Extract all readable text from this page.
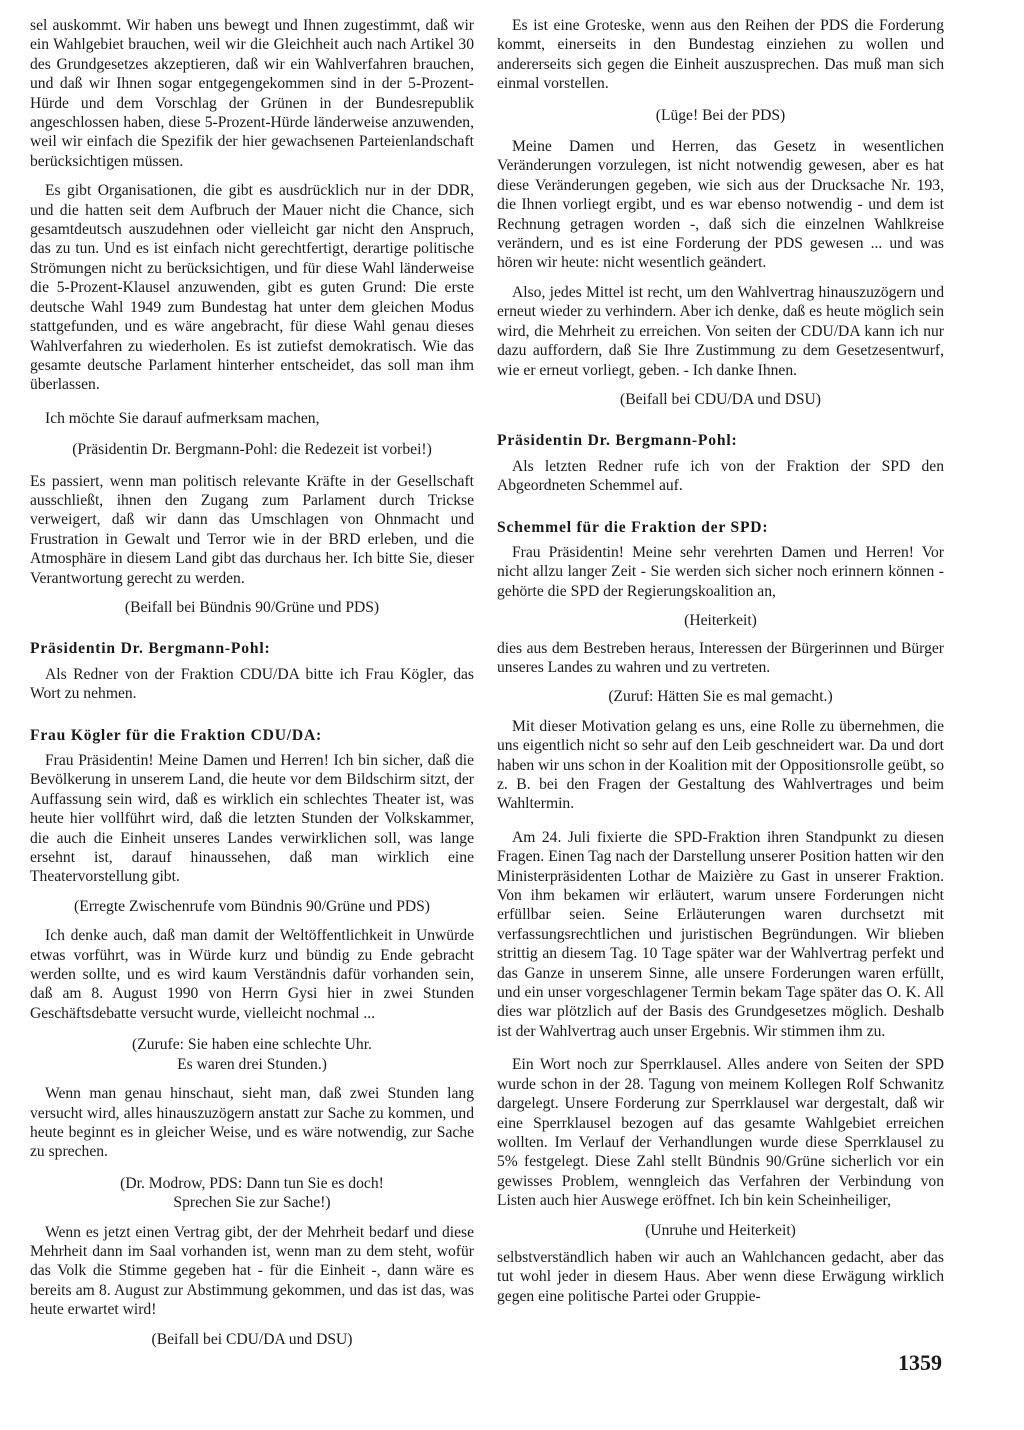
sel auskommt. Wir haben uns bewegt und Ihnen zugestimmt, daß wir ein Wahlgebiet brauchen, weil wir die Gleichheit auch nach Artikel 30 des Grundgesetzes akzeptieren, daß wir ein Wahlverfahren brauchen, und daß wir Ihnen sogar entgegengekommen sind in der 5-Prozent-Hürde und dem Vorschlag der Grünen in der Bundesrepublik angeschlossen haben, diese 5-Prozent-Hürde länderweise anzuwenden, weil wir einfach die Spezifik der hier gewachsenen Parteienlandschaft berücksichtigen müssen.

Es gibt Organisationen, die gibt es ausdrücklich nur in der DDR, und die hatten seit dem Aufbruch der Mauer nicht die Chance, sich gesamtdeutsch auszudehnen oder vielleicht gar nicht den Anspruch, das zu tun. Und es ist einfach nicht gerechtfertigt, derartige politische Strömungen nicht zu berücksichtigen, und für diese Wahl länderweise die 5-Prozent-Klausel anzuwenden, gibt es guten Grund: Die erste deutsche Wahl 1949 zum Bundestag hat unter dem gleichen Modus stattgefunden, und es wäre angebracht, für diese Wahl genau dieses Wahlverfahren zu wiederholen. Es ist zutiefst demokratisch. Wie das gesamte deutsche Parlament hinterher entscheidet, das soll man ihm überlassen.

Ich möchte Sie darauf aufmerksam machen,

(Präsidentin Dr. Bergmann-Pohl: die Redezeit ist vorbei!)

Es passiert, wenn man politisch relevante Kräfte in der Gesellschaft ausschließt, ihnen den Zugang zum Parlament durch Trickse verweigert, daß wir dann das Umschlagen von Ohnmacht und Frustration in Gewalt und Terror wie in der BRD erleben, und die Atmosphäre in diesem Land gibt das durchaus her. Ich bitte Sie, dieser Verantwortung gerecht zu werden.

(Beifall bei Bündnis 90/Grüne und PDS)

Präsidentin Dr. Bergmann-Pohl:

Als Redner von der Fraktion CDU/DA bitte ich Frau Kögler, das Wort zu nehmen.

Frau Kögler für die Fraktion CDU/DA:

Frau Präsidentin! Meine Damen und Herren! Ich bin sicher, daß die Bevölkerung in unserem Land, die heute vor dem Bildschirm sitzt, der Auffassung sein wird, daß es wirklich ein schlechtes Theater ist, was heute hier vollführt wird, daß die letzten Stunden der Volkskammer, die auch die Einheit unseres Landes verwirklichen soll, was lange ersehnt ist, darauf hinaussehen, daß man wirklich eine Theatervorstellung gibt.

(Erregte Zwischenrufe vom Bündnis 90/Grüne und PDS)

Ich denke auch, daß man damit der Weltöffentlichkeit in Unwürde etwas vorführt, was in Würde kurz und bündig zu Ende gebracht werden sollte, und es wird kaum Verständnis dafür vorhanden sein, daß am 8. August 1990 von Herrn Gysi hier in zwei Stunden Geschäftsdebatte versucht wurde, vielleicht nochmal ...

(Zurufe: Sie haben eine schlechte Uhr.

Es waren drei Stunden.)

Wenn man genau hinschaut, sieht man, daß zwei Stunden lang versucht wird, alles hinauszuzögern anstatt zur Sache zu kommen, und heute beginnt es in gleicher Weise, und es wäre notwendig, zur Sache zu sprechen.

(Dr. Modrow, PDS: Dann tun Sie es doch!

Sprechen Sie zur Sache!)

Wenn es jetzt einen Vertrag gibt, der der Mehrheit bedarf und diese Mehrheit dann im Saal vorhanden ist, wenn man zu dem steht, wofür das Volk die Stimme gegeben hat - für die Einheit -, dann wäre es bereits am 8. August zur Abstimmung gekommen, und das ist das, was heute erwartet wird!

(Beifall bei CDU/DA und DSU)

Es ist eine Groteske, wenn aus den Reihen der PDS die Forderung kommt, einerseits in den Bundestag einziehen zu wollen und andererseits sich gegen die Einheit auszusprechen. Das muß man sich einmal vorstellen.

(Lüge! Bei der PDS)

Meine Damen und Herren, das Gesetz in wesentlichen Veränderungen vorzulegen, ist nicht notwendig gewesen, aber es hat diese Veränderungen gegeben, wie sich aus der Drucksache Nr. 193, die Ihnen vorliegt ergibt, und es war ebenso notwendig - und dem ist Rechnung getragen worden -, daß sich die einzelnen Wahlkreise verändern, und es ist eine Forderung der PDS gewesen ... und was hören wir heute: nicht wesentlich geändert.

Also, jedes Mittel ist recht, um den Wahlvertrag hinauszuzögern und erneut wieder zu verhindern. Aber ich denke, daß es heute möglich sein wird, die Mehrheit zu erreichen. Von seiten der CDU/DA kann ich nur dazu auffordern, daß Sie Ihre Zustimmung zu dem Gesetzesentwurf, wie er erneut vorliegt, geben. - Ich danke Ihnen.

(Beifall bei CDU/DA und DSU)

Präsidentin Dr. Bergmann-Pohl:

Als letzten Redner rufe ich von der Fraktion der SPD den Abgeordneten Schemmel auf.

Schemmel für die Fraktion der SPD:

Frau Präsidentin! Meine sehr verehrten Damen und Herren! Vor nicht allzu langer Zeit - Sie werden sich sicher noch erinnern können - gehörte die SPD der Regierungskoalition an,

(Heiterkeit)

dies aus dem Bestreben heraus, Interessen der Bürgerinnen und Bürger unseres Landes zu wahren und zu vertreten.

(Zuruf: Hätten Sie es mal gemacht.)

Mit dieser Motivation gelang es uns, eine Rolle zu übernehmen, die uns eigentlich nicht so sehr auf den Leib geschneidert war. Da und dort haben wir uns schon in der Koalition mit der Oppositionsrolle geübt, so z. B. bei den Fragen der Gestaltung des Wahlvertrages und beim Wahltermin.

Am 24. Juli fixierte die SPD-Fraktion ihren Standpunkt zu diesen Fragen. Einen Tag nach der Darstellung unserer Position hatten wir den Ministerpräsidenten Lothar de Maizière zu Gast in unserer Fraktion. Von ihm bekamen wir erläutert, warum unsere Forderungen nicht erfüllbar seien. Seine Erläuterungen waren durchsetzt mit verfassungsrechtlichen und juristischen Begründungen. Wir blieben strittig an diesem Tag. 10 Tage später war der Wahlvertrag perfekt und das Ganze in unserem Sinne, alle unsere Forderungen waren erfüllt, und ein unser vorgeschlagener Termin bekam Tage später das O. K. All dies war plötzlich auf der Basis des Grundgesetzes möglich. Deshalb ist der Wahlvertrag auch unser Ergebnis. Wir stimmen ihm zu.

Ein Wort noch zur Sperrklausel. Alles andere von Seiten der SPD wurde schon in der 28. Tagung von meinem Kollegen Rolf Schwanitz dargelegt. Unsere Forderung zur Sperrklausel war dergestalt, daß wir eine Sperrklausel bezogen auf das gesamte Wahlgebiet erreichen wollten. Im Verlauf der Verhandlungen wurde diese Sperrklausel zu 5% festgelegt. Diese Zahl stellt Bündnis 90/Grüne sicherlich vor ein gewisses Problem, wenngleich das Verfahren der Verbindung von Listen auch hier Auswege eröffnet. Ich bin kein Scheinheiliger,

(Unruhe und Heiterkeit)

selbstverständlich haben wir auch an Wahlchancen gedacht, aber das tut wohl jeder in diesem Haus. Aber wenn diese Erwägung wirklich gegen eine politische Partei oder Gruppie-

1359
